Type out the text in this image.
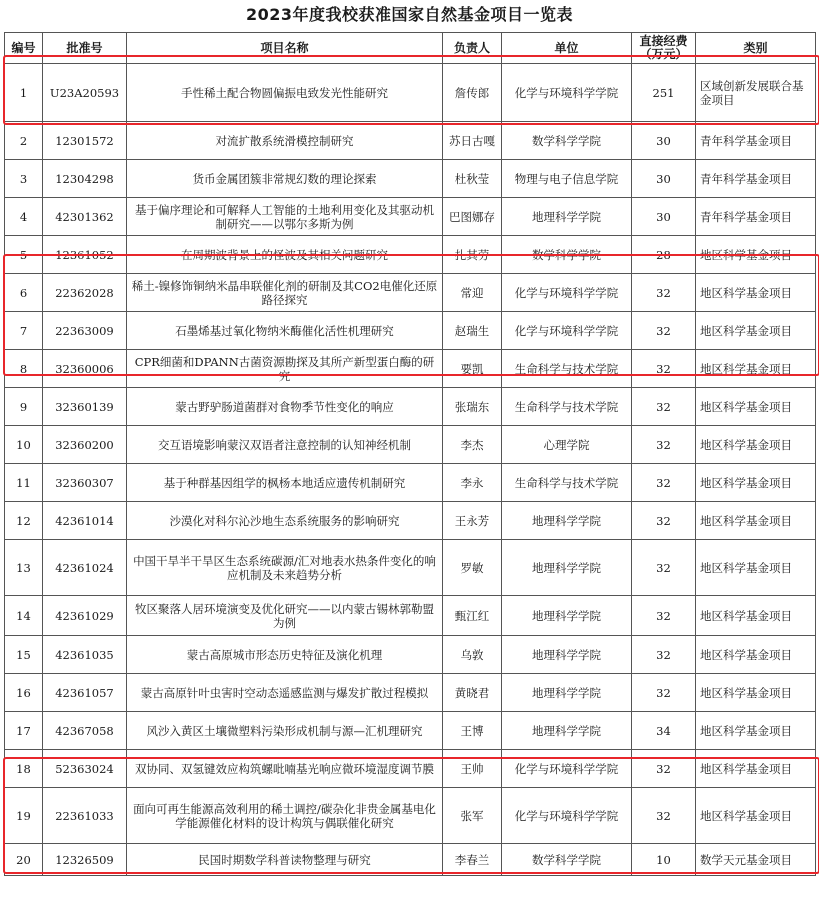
2023年度我校获准国家自然基金项目一览表
编号	批准号	项目名称	负责人	单位	直接经费（万元）	类别
1	U23A20593	手性稀土配合物圆偏振电致发光性能研究	詹传郎	化学与环境科学学院	251	区域创新发展联合基金项目
2	12301572	对流扩散系统滑模控制研究	苏日古嘎	数学科学学院	30	青年科学基金项目
3	12304298	货币金属团簇非常规幻数的理论探索	杜秋莹	物理与电子信息学院	30	青年科学基金项目
4	42301362	基于偏序理论和可解释人工智能的土地利用变化及其驱动机制研究——以鄂尔多斯为例	巴图娜存	地理科学学院	30	青年科学基金项目
5	12361052	在周期波背景上的怪波及其相关问题研究	扎其劳	数学科学学院	28	地区科学基金项目
6	22362028	稀土-镍修饰铜纳米晶串联催化剂的研制及其CO2电催化还原路径探究	常迎	化学与环境科学学院	32	地区科学基金项目
7	22363009	石墨烯基过氧化物纳米酶催化活性机理研究	赵瑞生	化学与环境科学学院	32	地区科学基金项目
8	32360006	CPR细菌和DPANN古菌资源勘探及其所产新型蛋白酶的研究	要凯	生命科学与技术学院	32	地区科学基金项目
9	32360139	蒙古野驴肠道菌群对食物季节性变化的响应	张瑞东	生命科学与技术学院	32	地区科学基金项目
10	32360200	交互语境影响蒙汉双语者注意控制的认知神经机制	李杰	心理学院	32	地区科学基金项目
11	32360307	基于种群基因组学的枫杨本地适应遗传机制研究	李永	生命科学与技术学院	32	地区科学基金项目
12	42361014	沙漠化对科尔沁沙地生态系统服务的影响研究	王永芳	地理科学学院	32	地区科学基金项目
13	42361024	中国干旱半干旱区生态系统碳源/汇对地表水热条件变化的响应机制及未来趋势分析	罗敏	地理科学学院	32	地区科学基金项目
14	42361029	牧区聚落人居环境演变及优化研究——以内蒙古锡林郭勒盟为例	甄江红	地理科学学院	32	地区科学基金项目
15	42361035	蒙古高原城市形态历史特征及演化机理	乌敦	地理科学学院	32	地区科学基金项目
16	42361057	蒙古高原针叶虫害时空动态遥感监测与爆发扩散过程模拟	黄晓君	地理科学学院	32	地区科学基金项目
17	42367058	风沙入黄区土壤微塑料污染形成机制与源—汇机理研究	王博	地理科学学院	34	地区科学基金项目
18	52363024	双协同、双氢键效应构筑螺吡喃基光响应微环境湿度调节膜	王帅	化学与环境科学学院	32	地区科学基金项目
19	22361033	面向可再生能源高效利用的稀土调控/碳杂化非贵金属基电化学能源催化材料的设计构筑与偶联催化研究	张军	化学与环境科学学院	32	地区科学基金项目
20	12326509	民国时期数学科普读物整理与研究	李春兰	数学科学学院	10	数学天元基金项目
